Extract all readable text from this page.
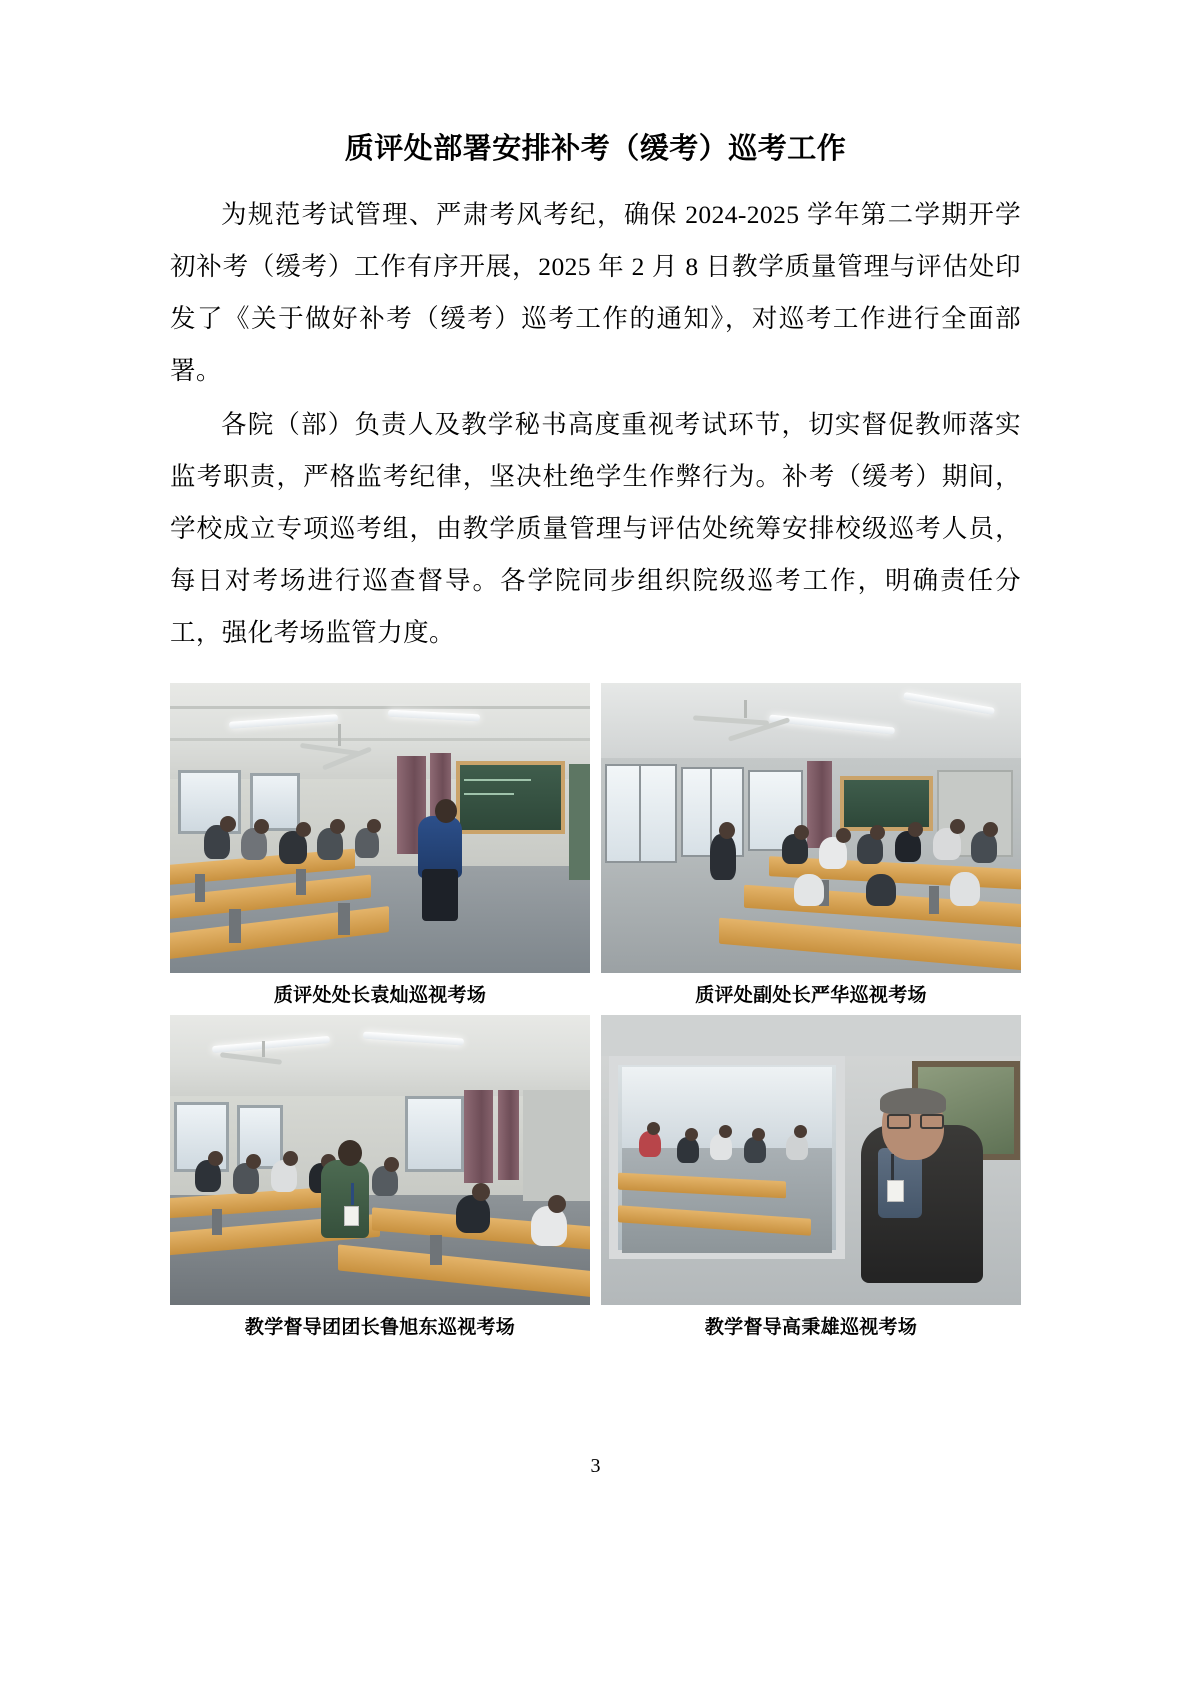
质评处部署安排补考（缓考）巡考工作

为规范考试管理、严肃考风考纪，确保 2024-2025 学年第二学期开学初补考（缓考）工作有序开展，2025 年 2 月 8 日教学质量管理与评估处印发了《关于做好补考（缓考）巡考工作的通知》，对巡考工作进行全面部署。

各院（部）负责人及教学秘书高度重视考试环节，切实督促教师落实监考职责，严格监考纪律，坚决杜绝学生作弊行为。补考（缓考）期间，学校成立专项巡考组，由教学质量管理与评估处统筹安排校级巡考人员，每日对考场进行巡查督导。各学院同步组织院级巡考工作，明确责任分工，强化考场监管力度。

质评处处长袁灿巡视考场	质评处副处长严华巡视考场
教学督导团团长鲁旭东巡视考场	教学督导高秉雄巡视考场
3
